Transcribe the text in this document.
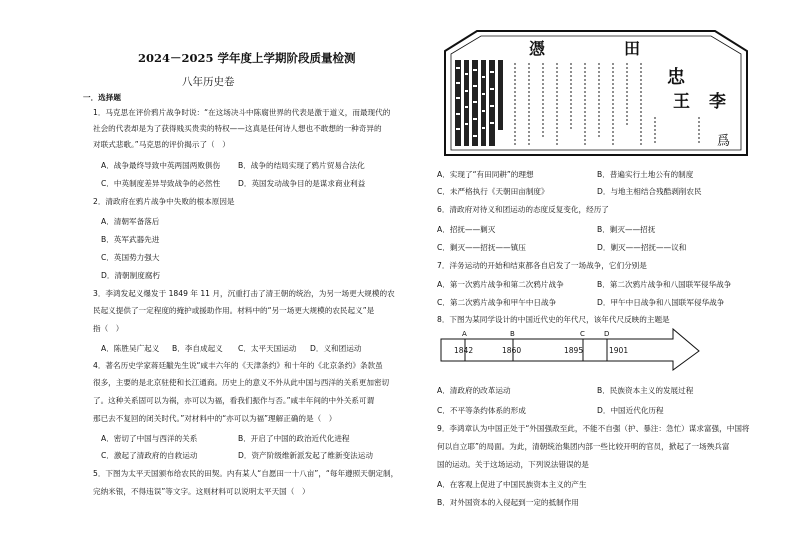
2024－2025 学年度上学期阶段质量检测
八年历史卷
一．选择题
1．马克思在评价鸦片战争时说：“在这场决斗中陈腐世界的代表是激于道义，而最现代的
社会的代表却是为了获得贱买贵卖的特权——这真是任何诗人想也不敢想的一种奇异的
对联式悲歌。”马克思的评价揭示了（　）
A．战争最终导致中英两国两败俱伤 B．战争的结局实现了鸦片贸易合法化
C．中英制度差异导致战争的必然性 D．英国发动战争目的是谋求商业利益
2．清政府在鸦片战争中失败的根本原因是
A．清朝军备落后
B．英军武器先进
C．英国势力强大
D．清朝制度腐朽
3．李鸿发起义爆发于 1849 年 11 月，沉重打击了清王朝的统治，为另一场更大规模的农
民起义提供了一定程度的掩护或援助作用。材料中的“另一场更大规模的农民起义”是
指（　）
A．陈胜吴广起义 B．李自成起义 C．太平天国运动 D．义和团运动
4．著名历史学家蒋廷黻先生说“咸丰六年的《天津条约》和十年的《北京条约》条款虽
很多，主要的是北京驻使和长江通商。历史上的意义不外从此中国与西洋的关系更加密切
了。这种关系固可以为祸，亦可以为福，看我们振作与否。”咸丰年间的中外关系可谓
那已去不复回的闭关时代。”对材料中的“亦可以为福”理解正确的是（　）
A．密切了中国与西洋的关系	B．开启了中国的政治近代化进程
C．激起了清政府的自救运动	D．资产阶级维新派发起了维新变法运动
5．下图为太平天国颁布给农民的田契。内有某人“自愿田一十八亩”，“每年遵照天朝定制，
完纳米银，不得违误”等文字。这则材料可以说明太平天国（　）
憑	田
忠
王 李
爲
A．实现了“有田同耕”的理想	B．普遍实行土地公有的制度
C．未严格执行《天朝田亩制度》	D．与地主相结合残酷剥削农民
6．清政府对待义和团运动的态度反复变化，经历了
A．招抚——剿灭	B．剿灭——招抚
C．剿灭——招抚——镇压	D．剿灭——招抚——议和
7．洋务运动的开始和结束都各自启发了一场战争，它们分别是
A．第一次鸦片战争和第二次鸦片战争	B．第二次鸦片战争和八国联军侵华战争
C．第二次鸦片战争和甲午中日战争	D．甲午中日战争和八国联军侵华战争
8．下图为某同学设计的中国近代史的年代尺，该年代尺反映的主题是
A	B	C	D
1842	1860	1895	1901
A．清政府的改革运动	B．民族资本主义的发展过程
C．不平等条约体系的形成	D．中国近代化历程
9．李鸿章认为中国正处于“外国强敌至此，不能不自强（护、暴注：急忙）谋求富强，中国将
何以自立耶”的局面。为此，清朝统治集团内部一些比较开明的官员，掀起了一场殃兵富
国的运动。关于这场运动，下列说法错误的是
A．在客观上促进了中国民族资本主义的产生
B．对外国资本的入侵起到一定的抵制作用
